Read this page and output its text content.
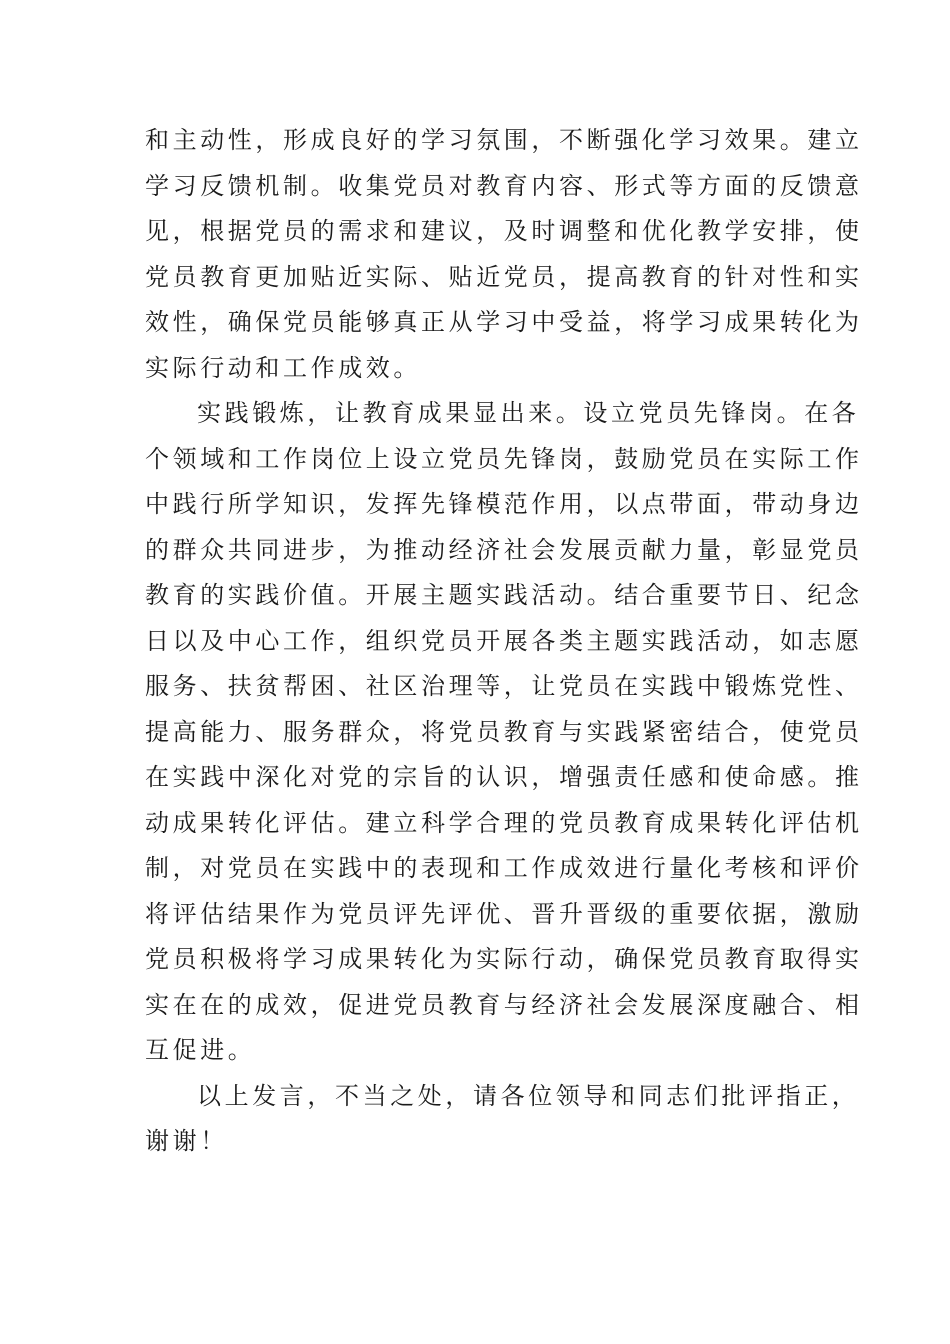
和主动性，形成良好的学习氛围，不断强化学习效果。建立
学习反馈机制。收集党员对教育内容、形式等方面的反馈意
见，根据党员的需求和建议，及时调整和优化教学安排，使
党员教育更加贴近实际、贴近党员，提高教育的针对性和实
效性，确保党员能够真正从学习中受益，将学习成果转化为
实际行动和工作成效。
实践锻炼，让教育成果显出来。设立党员先锋岗。在各
个领域和工作岗位上设立党员先锋岗，鼓励党员在实际工作
中践行所学知识，发挥先锋模范作用，以点带面，带动身边
的群众共同进步，为推动经济社会发展贡献力量，彰显党员
教育的实践价值。开展主题实践活动。结合重要节日、纪念
日以及中心工作，组织党员开展各类主题实践活动，如志愿
服务、扶贫帮困、社区治理等，让党员在实践中锻炼党性、
提高能力、服务群众，将党员教育与实践紧密结合，使党员
在实践中深化对党的宗旨的认识，增强责任感和使命感。推
动成果转化评估。建立科学合理的党员教育成果转化评估机
制，对党员在实践中的表现和工作成效进行量化考核和评价
将评估结果作为党员评先评优、晋升晋级的重要依据，激励
党员积极将学习成果转化为实际行动，确保党员教育取得实
实在在的成效，促进党员教育与经济社会发展深度融合、相
互促进。
以上发言，不当之处，请各位领导和同志们批评指正，
谢谢！
